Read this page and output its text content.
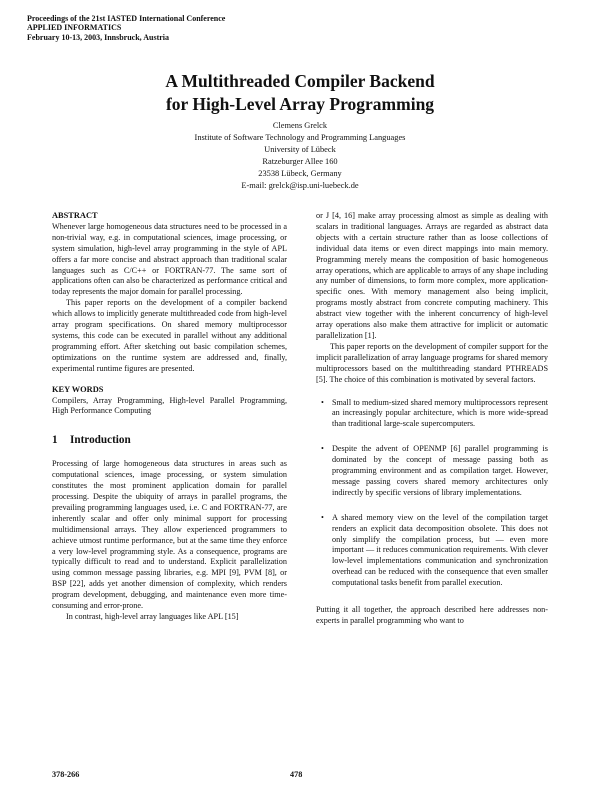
Proceedings of the 21st IASTED International Conference
APPLIED INFORMATICS
February 10-13, 2003, Innsbruck, Austria
A Multithreaded Compiler Backend
for High-Level Array Programming
Clemens Grelck
Institute of Software Technology and Programming Languages
University of Lübeck
Ratzeburger Allee 160
23538 Lübeck, Germany
E-mail: grelck@isp.uni-luebeck.de

ABSTRACT

Whenever large homogeneous data structures need to be processed in a non-trivial way, e.g. in computational sciences, image processing, or system simulation, high-level array programming in the style of APL offers a far more concise and abstract approach than traditional scalar languages such as C/C++ or FORTRAN-77. The same sort of applications often can also be characterized as performance critical and today represents the major domain for parallel processing.

This paper reports on the development of a compiler backend which allows to implicitly generate multithreaded code from high-level array program specifications. On shared memory multiprocessor systems, this code can be executed in parallel without any additional programming effort. After sketching out basic compilation schemes, optimizations on the runtime system are addressed and, finally, experimental runtime figures are presented.

KEY WORDS

Compilers, Array Programming, High-level Parallel Programming, High Performance Computing

1 Introduction

Processing of large homogeneous data structures in areas such as computational sciences, image processing, or system simulation constitutes the most prominent application domain for parallel processing. Despite the ubiquity of arrays in parallel programs, the prevailing programming languages used, i.e. C and FORTRAN-77, are inherently scalar and offer only minimal support for processing multidimensional arrays. They allow experienced programmers to achieve utmost runtime performance, but at the same time they enforce a very low-level programming style. As a consequence, programs are typically difficult to read and to understand. Explicit parallelization using common message passing libraries, e.g. MPI [9], PVM [8], or BSP [22], adds yet another dimension of complexity, which renders program development, debugging, and maintenance even more time-consuming and error-prone.

In contrast, high-level array languages like APL [15]

or J [4, 16] make array processing almost as simple as dealing with scalars in traditional languages. Arrays are regarded as abstract data objects with a certain structure rather than as loose collections of individual data items or even direct mappings into main memory. Programming merely means the composition of basic homogeneous array operations, which are applicable to arrays of any shape including any number of dimensions, to form more complex, more application-specific ones. With memory management also being implicit, programs mostly abstract from concrete computing machinery. This abstract view together with the inherent concurrency of high-level array operations also make them attractive for implicit or automatic parallelization [1].

This paper reports on the development of compiler support for the implicit parallelization of array language programs for shared memory multiprocessors based on the multithreading standard PTHREADS [5]. The choice of this combination is motivated by several factors.

• Small to medium-sized shared memory multiprocessors represent an increasingly popular architecture, which is more wide-spread than traditional large-scale supercomputers.
• Despite the advent of OPENMP [6] parallel programming is dominated by the concept of message passing both as programming environment and as compilation target. However, message passing covers shared memory architectures only indirectly by specific versions of library implementations.
• A shared memory view on the level of the compilation target renders an explicit data decomposition obsolete. This does not only simplify the compilation process, but — even more important — it reduces communication requirements. With clever low-level implementations communication and synchronization overhead can be reduced with the consequence that even smaller computational tasks benefit from parallel execution.

Putting it all together, the approach described here addresses non-experts in parallel programming who want to

378-266	478
